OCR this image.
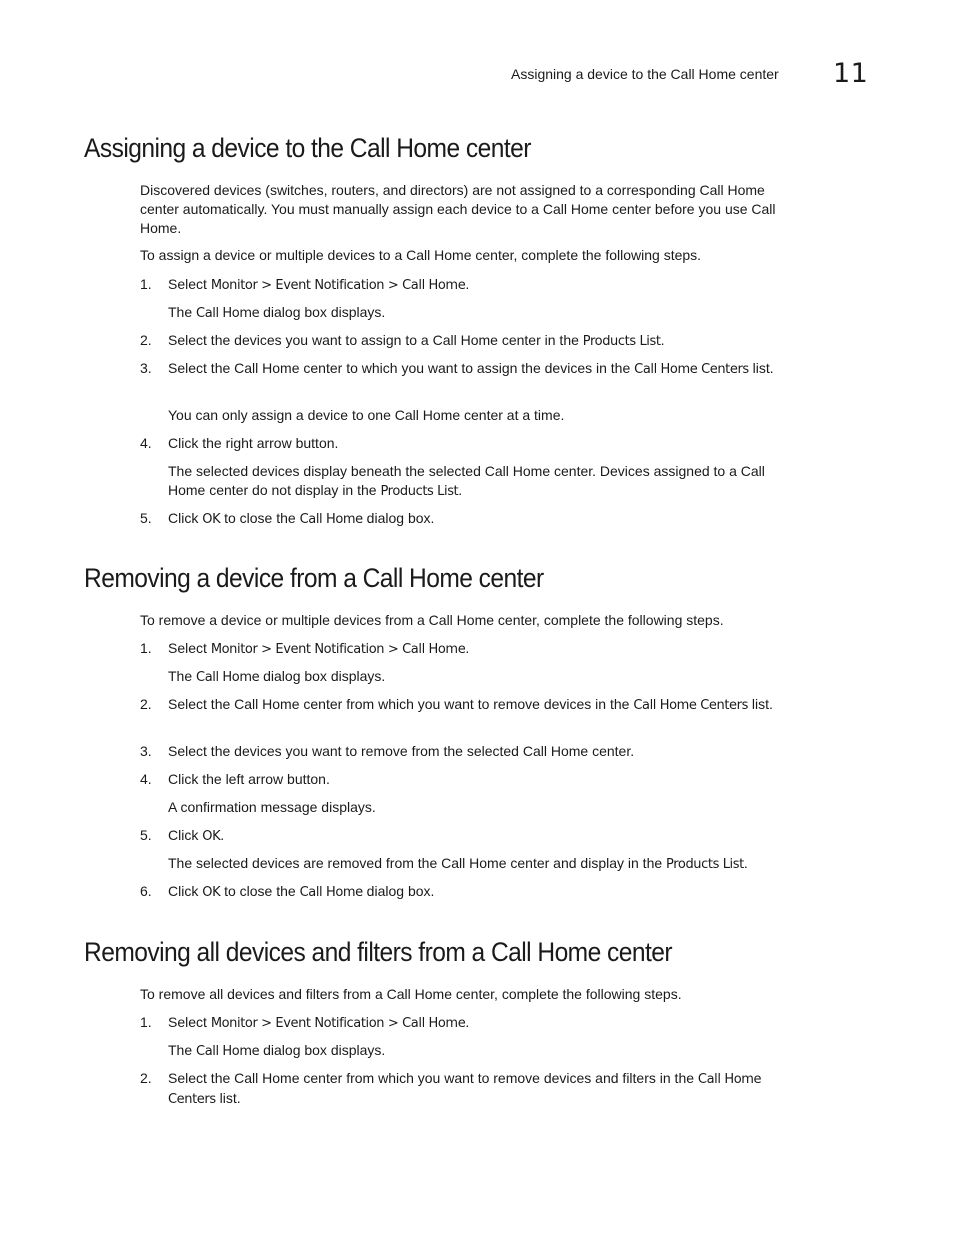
Assigning a device to the Call Home center 11
Assigning a device to the Call Home center

Discovered devices (switches, routers, and directors) are not assigned to a corresponding Call Home center automatically. You must manually assign each device to a Call Home center before you use Call Home.

To assign a device or multiple devices to a Call Home center, complete the following steps.

1.	Select Monitor > Event Notification > Call Home.
The Call Home dialog box displays.
2.	Select the devices you want to assign to a Call Home center in the Products List.
3.	Select the Call Home center to which you want to assign the devices in the Call Home Centers list.
You can only assign a device to one Call Home center at a time.
4.	Click the right arrow button.
The selected devices display beneath the selected Call Home center. Devices assigned to a Call Home center do not display in the Products List.
5.	Click OK to close the Call Home dialog box.
Removing a device from a Call Home center

To remove a device or multiple devices from a Call Home center, complete the following steps.

1.	Select Monitor > Event Notification > Call Home.
The Call Home dialog box displays.
2.	Select the Call Home center from which you want to remove devices in the Call Home Centers list.
3.	Select the devices you want to remove from the selected Call Home center.
4.	Click the left arrow button.
A confirmation message displays.
5.	Click OK.
The selected devices are removed from the Call Home center and display in the Products List.
6.	Click OK to close the Call Home dialog box.
Removing all devices and filters from a Call Home center

To remove all devices and filters from a Call Home center, complete the following steps.

1.	Select Monitor > Event Notification > Call Home.
The Call Home dialog box displays.
2.	Select the Call Home center from which you want to remove devices and filters in the Call Home Centers list.
